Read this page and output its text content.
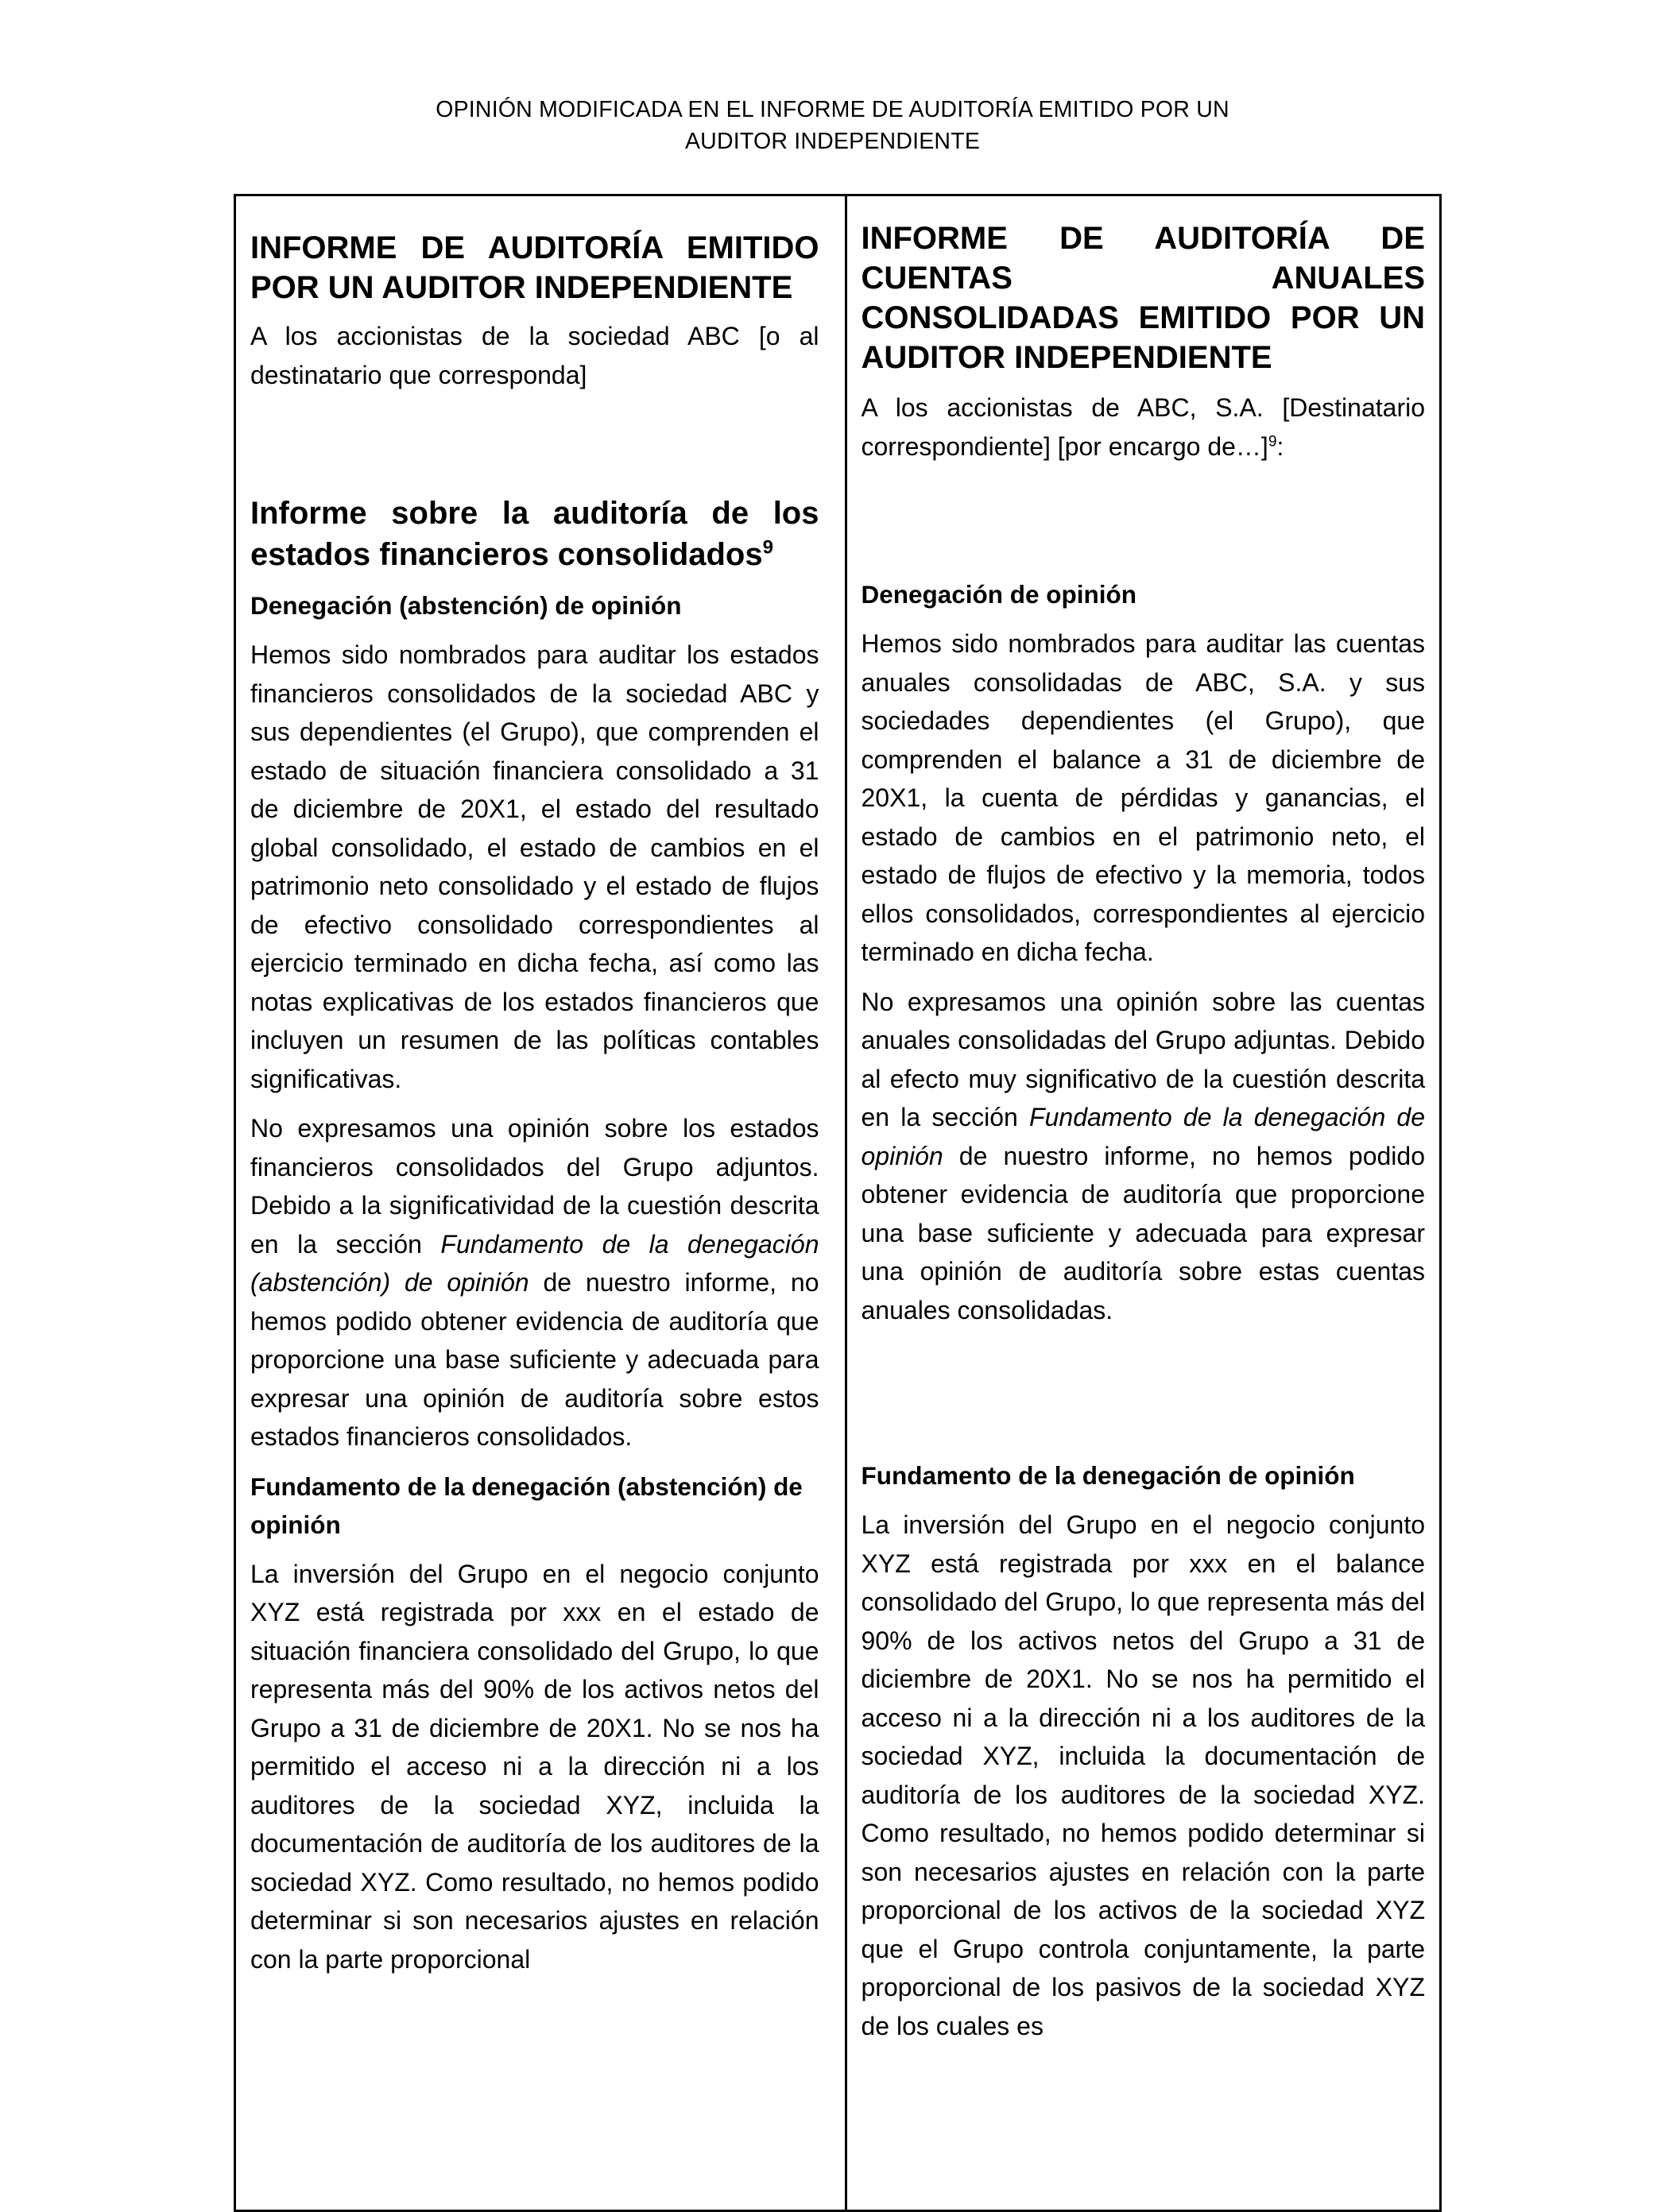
OPINIÓN MODIFICADA EN EL INFORME DE AUDITORÍA EMITIDO POR UN
AUDITOR INDEPENDIENTE
INFORME DE AUDITORÍA EMITIDO POR UN AUDITOR INDEPENDIENTE

A los accionistas de la sociedad ABC [o al destinatario que corresponda]

Informe sobre la auditoría de los estados financieros consolidados$^9$
Denegación (abstención) de opinión

Hemos sido nombrados para auditar los estados financieros consolidados de la sociedad ABC y sus dependientes (el Grupo), que comprenden el estado de situación financiera consolidado a 31 de diciembre de 20X1, el estado del resultado global consolidado, el estado de cambios en el patrimonio neto consolidado y el estado de flujos de efectivo consolidado correspondientes al ejercicio terminado en dicha fecha, así como las notas explicativas de los estados financieros que incluyen un resumen de las políticas contables significativas.

No expresamos una opinión sobre los estados financieros consolidados del Grupo adjuntos. Debido a la significatividad de la cuestión descrita en la sección Fundamento de la denegación (abstención) de opinión de nuestro informe, no hemos podido obtener evidencia de auditoría que proporcione una base suficiente y adecuada para expresar una opinión de auditoría sobre estos estados financieros consolidados.

Fundamento de la denegación (abstención) de opinión

La inversión del Grupo en el negocio conjunto XYZ está registrada por xxx en el estado de situación financiera consolidado del Grupo, lo que representa más del 90% de los activos netos del Grupo a 31 de diciembre de 20X1. No se nos ha permitido el acceso ni a la dirección ni a los auditores de la sociedad XYZ, incluida la documentación de auditoría de los auditores de la sociedad XYZ. Como resultado, no hemos podido determinar si son necesarios ajustes en relación con la parte proporcional

INFORME DE AUDITORÍA DE CUENTAS ANUALES CONSOLIDADAS EMITIDO POR UN AUDITOR INDEPENDIENTE

A los accionistas de ABC, S.A. [Destinatario correspondiente] [por encargo de…]$^9$:

Denegación de opinión

Hemos sido nombrados para auditar las cuentas anuales consolidadas de ABC, S.A. y sus sociedades dependientes (el Grupo), que comprenden el balance a 31 de diciembre de 20X1, la cuenta de pérdidas y ganancias, el estado de cambios en el patrimonio neto, el estado de flujos de efectivo y la memoria, todos ellos consolidados, correspondientes al ejercicio terminado en dicha fecha.

No expresamos una opinión sobre las cuentas anuales consolidadas del Grupo adjuntas. Debido al efecto muy significativo de la cuestión descrita en la sección Fundamento de la denegación de opinión de nuestro informe, no hemos podido obtener evidencia de auditoría que proporcione una base suficiente y adecuada para expresar una opinión de auditoría sobre estas cuentas anuales consolidadas.

Fundamento de la denegación de opinión

La inversión del Grupo en el negocio conjunto XYZ está registrada por xxx en el balance consolidado del Grupo, lo que representa más del 90% de los activos netos del Grupo a 31 de diciembre de 20X1. No se nos ha permitido el acceso ni a la dirección ni a los auditores de la sociedad XYZ, incluida la documentación de auditoría de los auditores de la sociedad XYZ. Como resultado, no hemos podido determinar si son necesarios ajustes en relación con la parte proporcional de los activos de la sociedad XYZ que el Grupo controla conjuntamente, la parte proporcional de los pasivos de la sociedad XYZ de los cuales es
